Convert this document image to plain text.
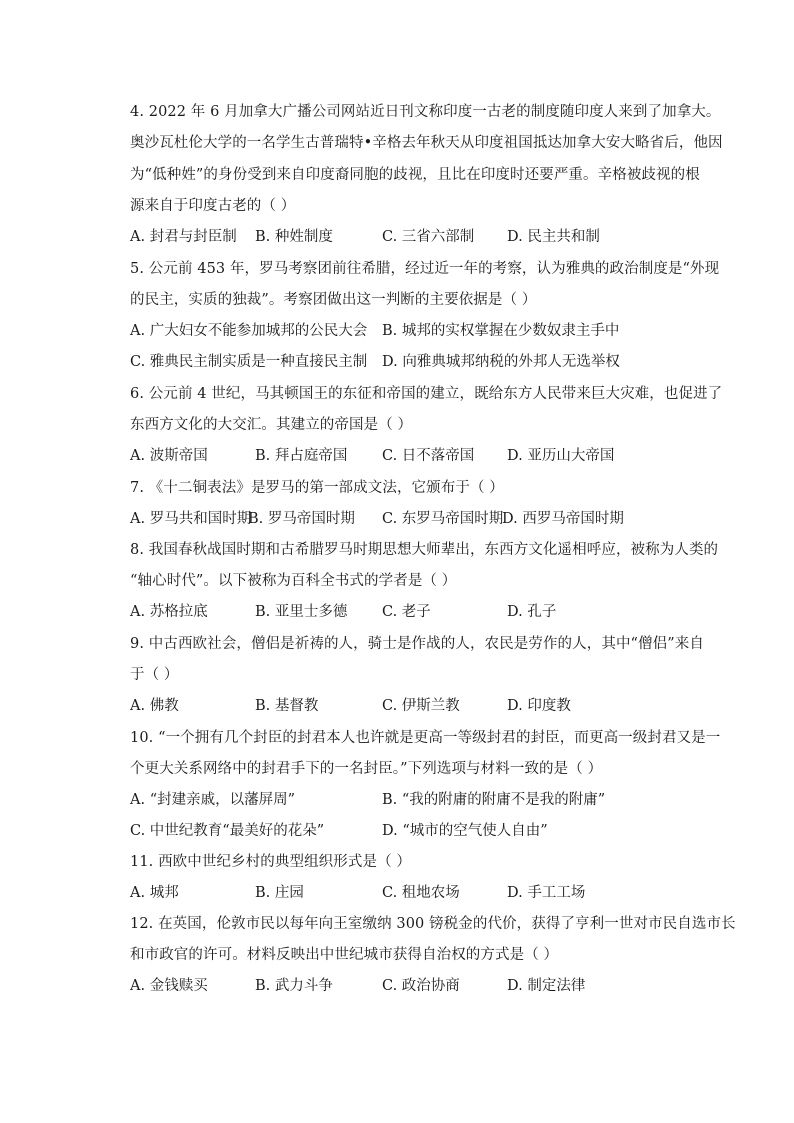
4. 2022 年 6 月加拿大广播公司网站近日刊文称印度一古老的制度随印度人来到了加拿大。
奥沙瓦杜伦大学的一名学生古普瑞特•辛格去年秋天从印度祖国抵达加拿大安大略省后，他因
为“低种姓”的身份受到来自印度裔同胞的歧视，且比在印度时还要严重。辛格被歧视的根
源来自于印度古老的（ ）
A. 封君与封臣制 B. 种姓制度	C. 三省六部制 D. 民主共和制
5. 公元前 453 年，罗马考察团前往希腊，经过近一年的考察，认为雅典的政治制度是“外现
的民主，实质的独裁”。考察团做出这一判断的主要依据是（ ）
A. 广大妇女不能参加城邦的公民大会 B. 城邦的实权掌握在少数奴隶主手中
C. 雅典民主制实质是一种直接民主制 D. 向雅典城邦纳税的外邦人无选举权
6. 公元前 4 世纪，马其顿国王的东征和帝国的建立，既给东方人民带来巨大灾难，也促进了
东西方文化的大交汇。其建立的帝国是（ ）
A. 波斯帝国	B. 拜占庭帝国 C. 日不落帝国 D. 亚历山大帝国
7. 《十二铜表法》是罗马的第一部成文法，它颁布于（ ）
A. 罗马共和国时期
B. 罗马帝国时期 C. 东罗马帝国时期
D. 西罗马帝国时期
8. 我国春秋战国时期和古希腊罗马时期思想大师辈出，东西方文化遥相呼应，被称为人类的
“轴心时代”。以下被称为百科全书式的学者是（ ）
A. 苏格拉底	B. 亚里士多德 C. 老子	D. 孔子
9. 中古西欧社会，僧侣是祈祷的人，骑士是作战的人，农民是劳作的人，其中“僧侣”来自
于（ ）
A. 佛教	B. 基督教	C. 伊斯兰教	D. 印度教
10. “一个拥有几个封臣的封君本人也许就是更高一等级封君的封臣，而更高一级封君又是一
个更大关系网络中的封君手下的一名封臣。”下列选项与材料一致的是（ ）
A. “封建亲戚，以藩屏周”	B. “我的附庸的附庸不是我的附庸”
C. 中世纪教育“最美好的花朵”	D. “城市的空气使人自由”
11. 西欧中世纪乡村的典型组织形式是（ ）
A. 城邦	B. 庄园	C. 租地农场	D. 手工工场
12. 在英国，伦敦市民以每年向王室缴纳 300 镑税金的代价，获得了亨利一世对市民自选市长
和市政官的许可。材料反映出中世纪城市获得自治权的方式是（ ）
A. 金钱赎买	B. 武力斗争	C. 政治协商	D. 制定法律
